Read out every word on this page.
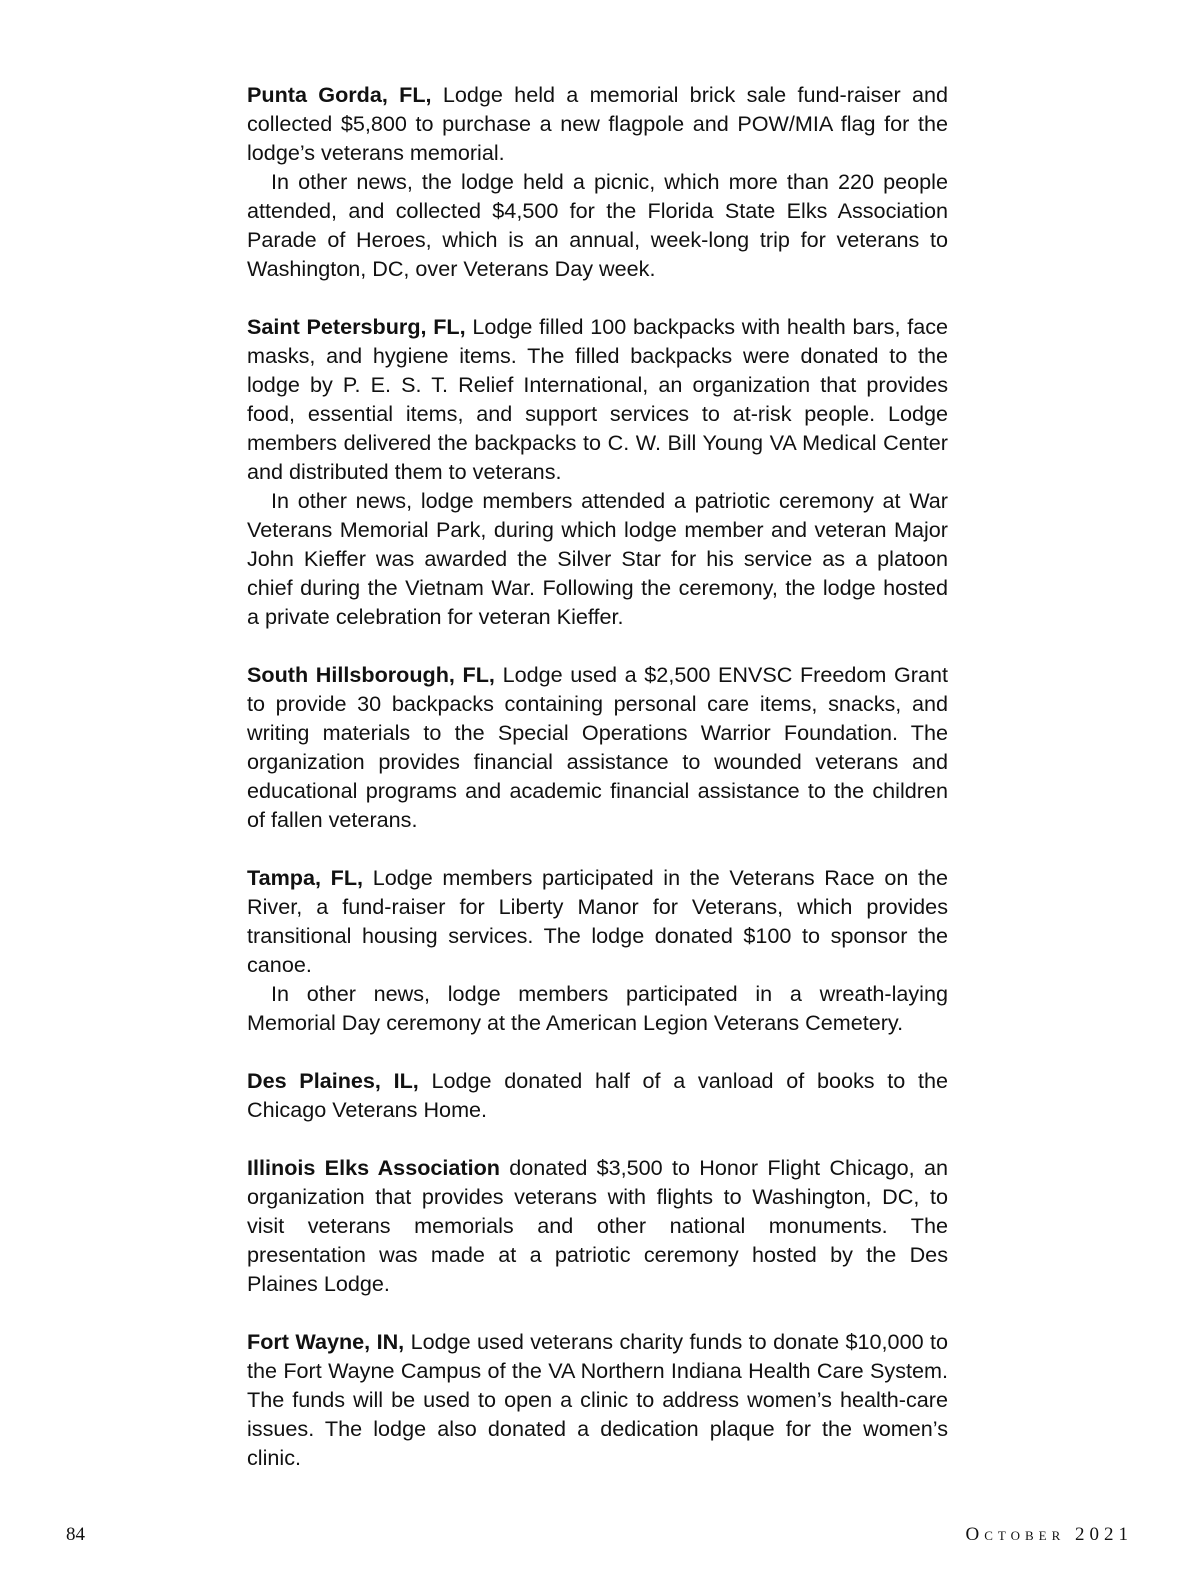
Punta Gorda, FL, Lodge held a memorial brick sale fund-raiser and collected $5,800 to purchase a new flagpole and POW/MIA flag for the lodge’s veterans memorial.

In other news, the lodge held a picnic, which more than 220 people attended, and collected $4,500 for the Florida State Elks Association Parade of Heroes, which is an annual, week-long trip for veterans to Washington, DC, over Veterans Day week.

Saint Petersburg, FL, Lodge filled 100 backpacks with health bars, face masks, and hygiene items. The filled backpacks were donated to the lodge by P. E. S. T. Relief International, an organization that provides food, essential items, and support services to at-risk people. Lodge members delivered the backpacks to C. W. Bill Young VA Medical Center and distributed them to veterans.

In other news, lodge members attended a patriotic ceremony at War Veterans Memorial Park, during which lodge member and veteran Major John Kieffer was awarded the Silver Star for his service as a platoon chief during the Vietnam War. Following the ceremony, the lodge hosted a private celebration for veteran Kieffer.

South Hillsborough, FL, Lodge used a $2,500 ENVSC Freedom Grant to provide 30 backpacks containing personal care items, snacks, and writing materials to the Special Operations Warrior Foundation. The organization provides financial assistance to wounded veterans and educational programs and academic financial assistance to the children of fallen veterans.

Tampa, FL, Lodge members participated in the Veterans Race on the River, a fund-raiser for Liberty Manor for Veterans, which provides transitional housing services. The lodge donated $100 to sponsor the canoe.

In other news, lodge members participated in a wreath-laying Memorial Day ceremony at the American Legion Veterans Cemetery.

Des Plaines, IL, Lodge donated half of a vanload of books to the Chicago Veterans Home.

Illinois Elks Association donated $3,500 to Honor Flight Chicago, an organization that provides veterans with flights to Washington, DC, to visit veterans memorials and other national monuments. The presentation was made at a patriotic ceremony hosted by the Des Plaines Lodge.

Fort Wayne, IN, Lodge used veterans charity funds to donate $10,000 to the Fort Wayne Campus of the VA Northern Indiana Health Care System. The funds will be used to open a clinic to address women’s health-care issues. The lodge also donated a dedication plaque for the women’s clinic.

84	October 2021
